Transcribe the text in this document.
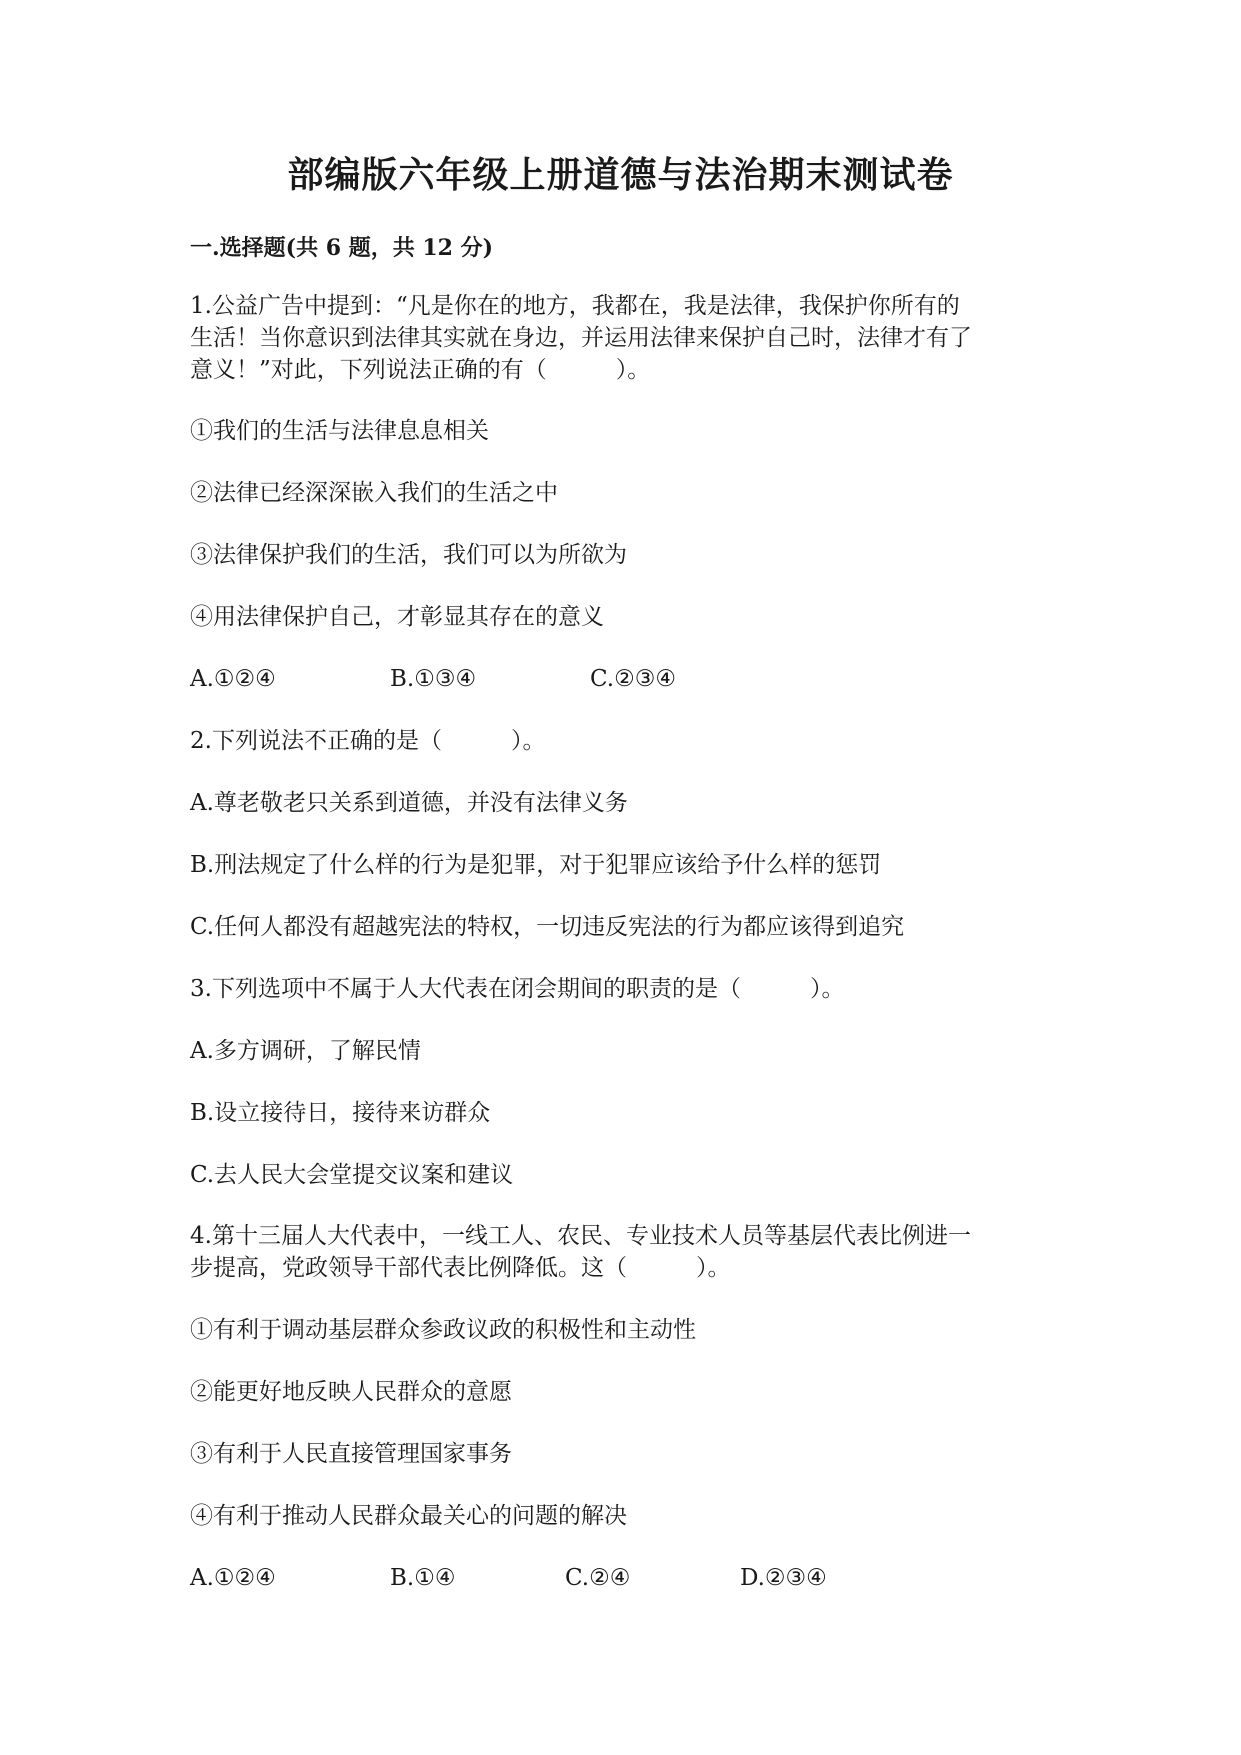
部编版六年级上册道德与法治期末测试卷
一.选择题(共 6 题，共 12 分)
1.公益广告中提到：“凡是你在的地方，我都在，我是法律，我保护你所有的
生活！当你意识到法律其实就在身边，并运用法律来保护自己时，法律才有了
意义！”对此，下列说法正确的有（　　　）。
①我们的生活与法律息息相关
②法律已经深深嵌入我们的生活之中
③法律保护我们的生活，我们可以为所欲为
④用法律保护自己，才彰显其存在的意义
A.①②④	B.①③④	C.②③④
2.下列说法不正确的是（　　　）。
A.尊老敬老只关系到道德，并没有法律义务
B.刑法规定了什么样的行为是犯罪，对于犯罪应该给予什么样的惩罚
C.任何人都没有超越宪法的特权，一切违反宪法的行为都应该得到追究
3.下列选项中不属于人大代表在闭会期间的职责的是（　　　）。
A.多方调研，了解民情
B.设立接待日，接待来访群众
C.去人民大会堂提交议案和建议
4.第十三届人大代表中，一线工人、农民、专业技术人员等基层代表比例进一
步提高，党政领导干部代表比例降低。这（　　　）。
①有利于调动基层群众参政议政的积极性和主动性
②能更好地反映人民群众的意愿
③有利于人民直接管理国家事务
④有利于推动人民群众最关心的问题的解决
A.①②④	B.①④	C.②④	D.②③④
